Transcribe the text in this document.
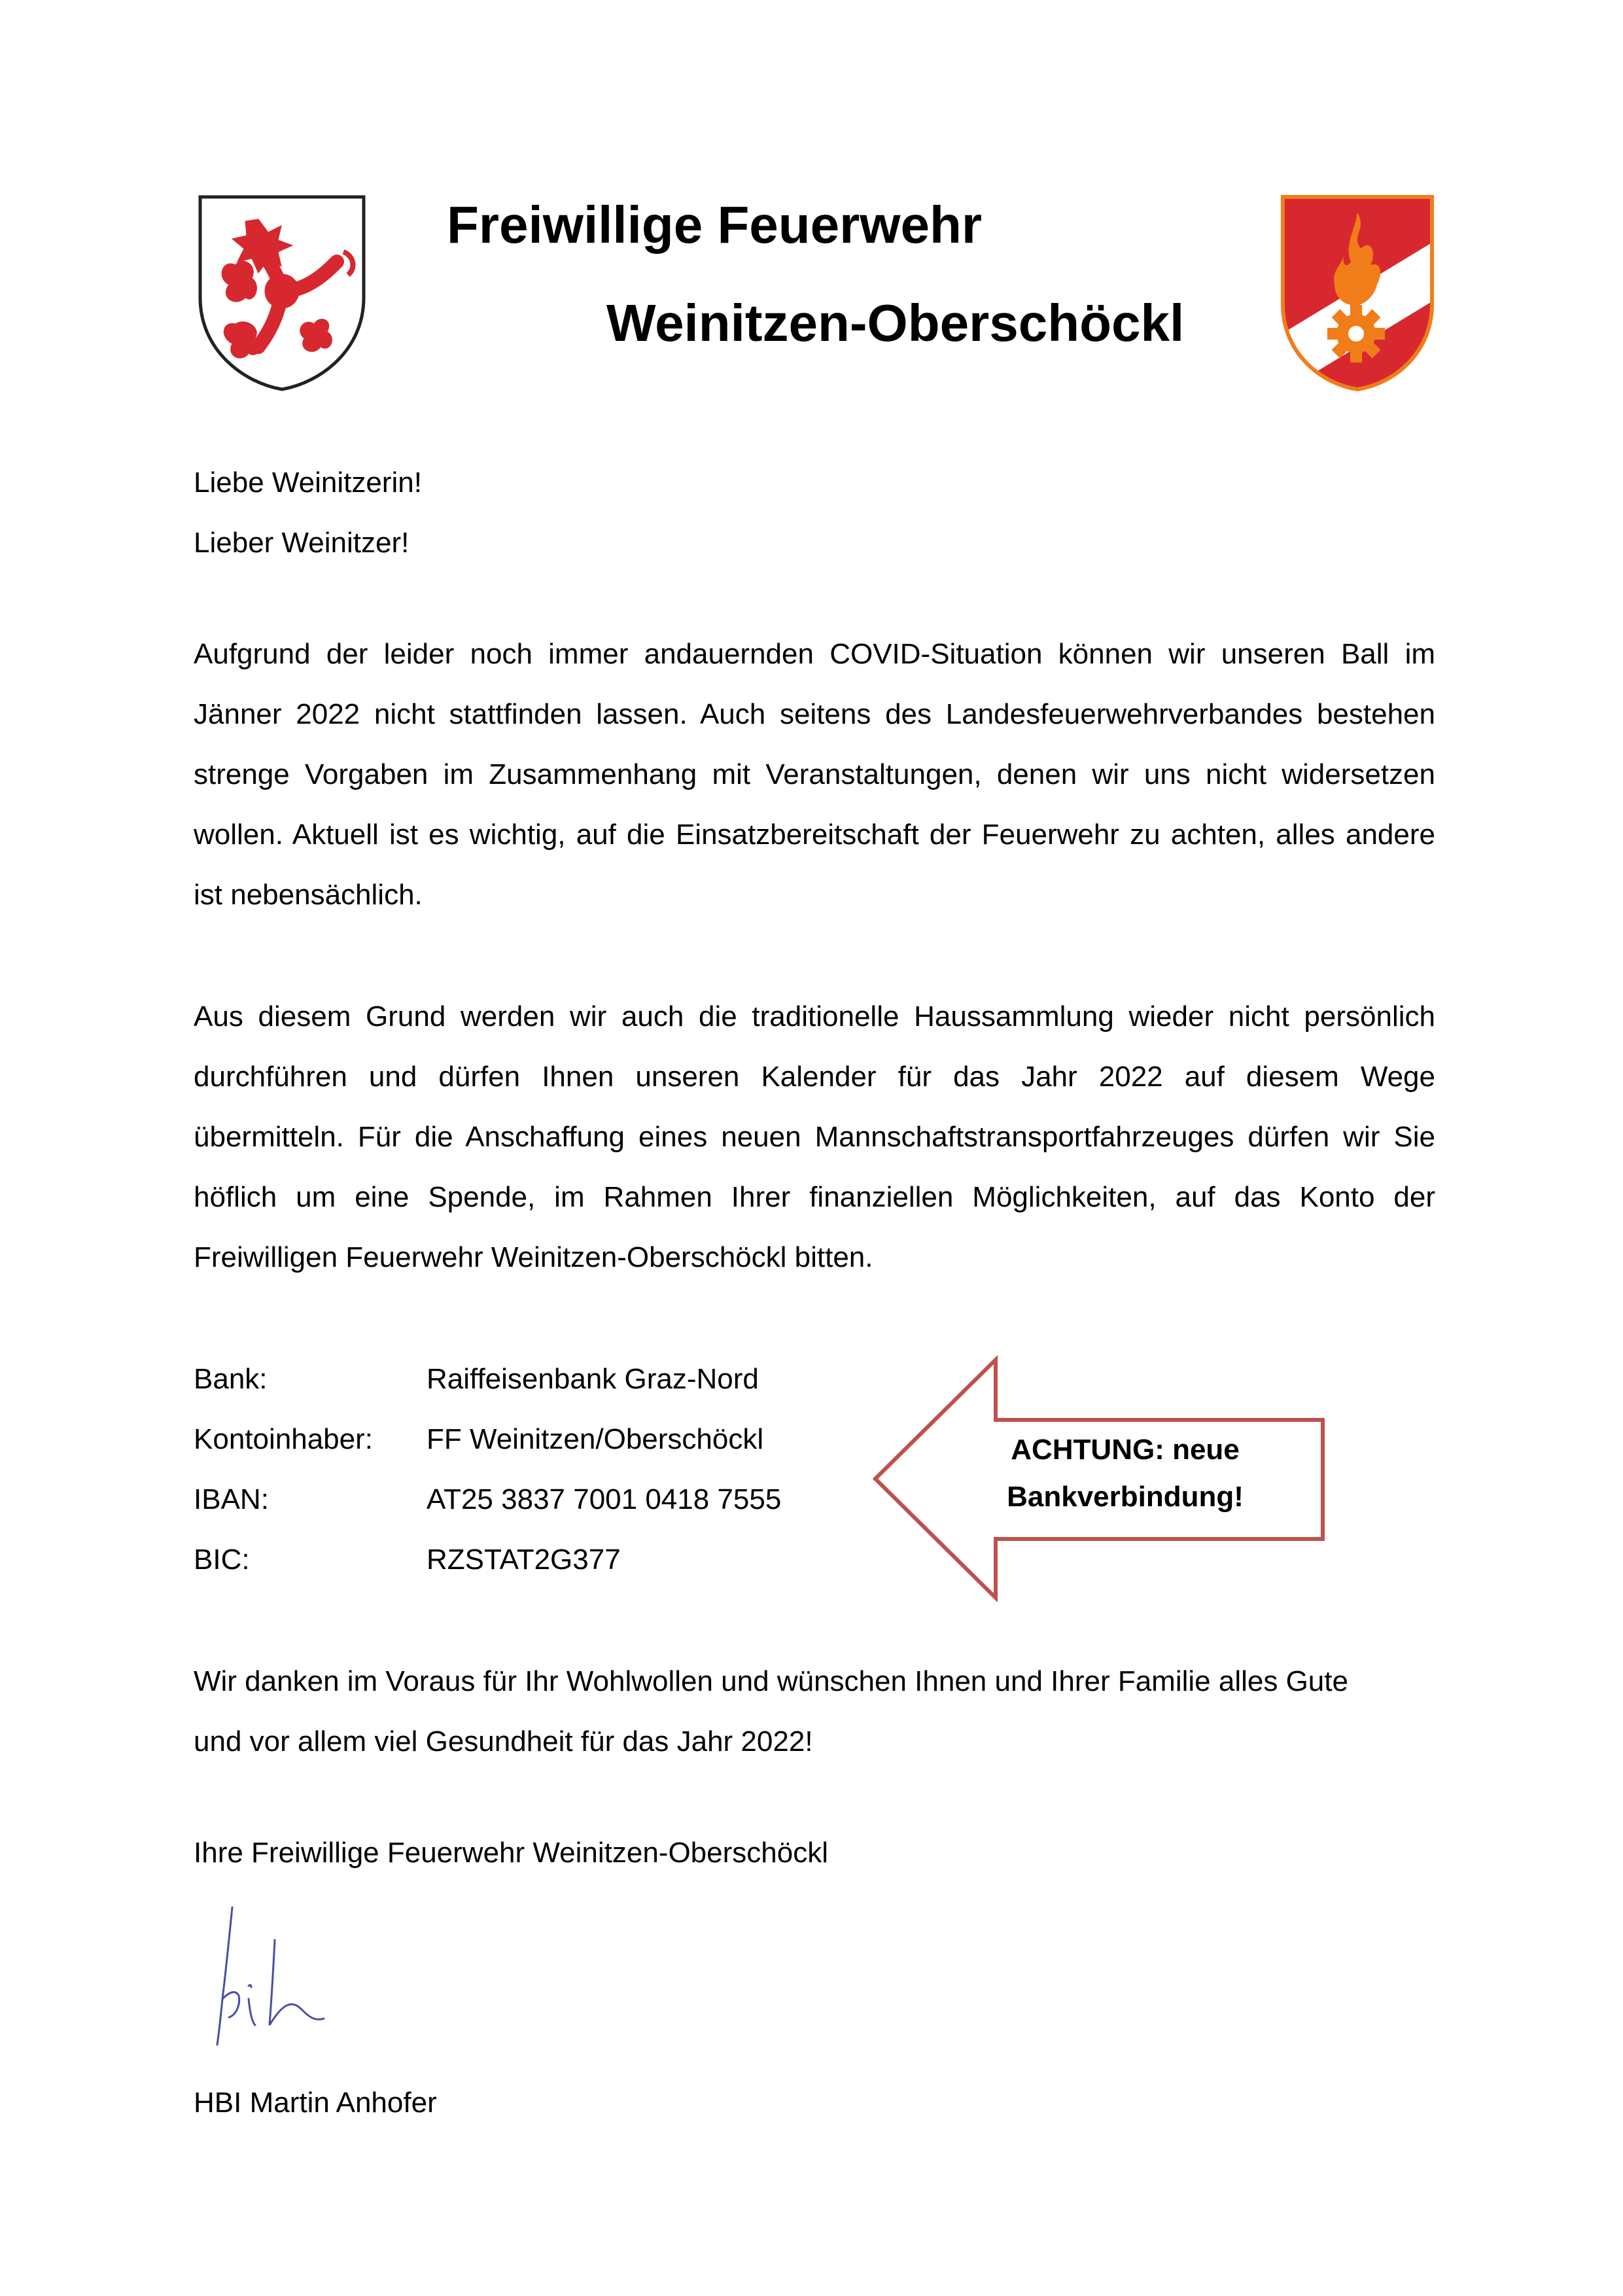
Freiwillige Feuerwehr
Weinitzen-Oberschöckl
Liebe Weinitzerin!
Lieber Weinitzer!
Aufgrund der leider noch immer andauernden COVID-Situation können wir unseren Ball im
Jänner 2022 nicht stattfinden lassen. Auch seitens des Landesfeuerwehrverbandes bestehen
strenge Vorgaben im Zusammenhang mit Veranstaltungen, denen wir uns nicht widersetzen
wollen. Aktuell ist es wichtig, auf die Einsatzbereitschaft der Feuerwehr zu achten, alles andere
ist nebensächlich.
Aus diesem Grund werden wir auch die traditionelle Haussammlung wieder nicht persönlich
durchführen und dürfen Ihnen unseren Kalender für das Jahr 2022 auf diesem Wege
übermitteln. Für die Anschaffung eines neuen Mannschaftstransportfahrzeuges dürfen wir Sie
höflich um eine Spende, im Rahmen Ihrer finanziellen Möglichkeiten, auf das Konto der
Freiwilligen Feuerwehr Weinitzen-Oberschöckl bitten.
Bank:	Raiffeisenbank Graz-Nord
Kontoinhaber: FF Weinitzen/Oberschöckl
IBAN:	AT25 3837 7001 0418 7555
BIC:	RZSTAT2G377
ACHTUNG: neue
Bankverbindung!
Wir danken im Voraus für Ihr Wohlwollen und wünschen Ihnen und Ihrer Familie alles Gute
und vor allem viel Gesundheit für das Jahr 2022!
Ihre Freiwillige Feuerwehr Weinitzen-Oberschöckl
HBI Martin Anhofer
